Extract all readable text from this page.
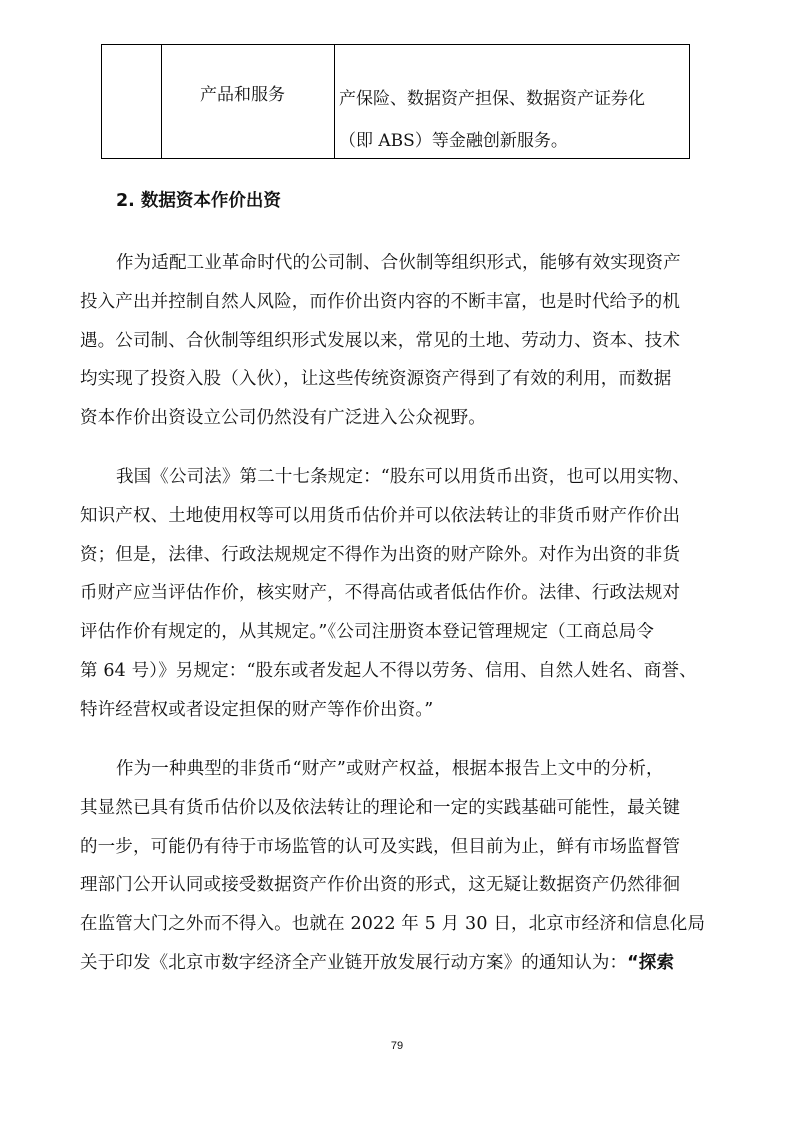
产品和服务	产保险、数据资产担保、数据资产证券化
（即 ABS）等金融创新服务。
2. 数据资本作价出资
作为适配工业革命时代的公司制、合伙制等组织形式，能够有效实现资产
投入产出并控制自然人风险，而作价出资内容的不断丰富，也是时代给予的机
遇。公司制、合伙制等组织形式发展以来，常见的土地、劳动力、资本、技术
均实现了投资入股（入伙），让这些传统资源资产得到了有效的利用，而数据
资本作价出资设立公司仍然没有广泛进入公众视野。
我国《公司法》第二十七条规定：“股东可以用货币出资，也可以用实物、
知识产权、土地使用权等可以用货币估价并可以依法转让的非货币财产作价出
资；但是，法律、行政法规规定不得作为出资的财产除外。对作为出资的非货
币财产应当评估作价，核实财产，不得高估或者低估作价。法律、行政法规对
评估作价有规定的，从其规定。”《公司注册资本登记管理规定（工商总局令
第 64 号）》另规定：“股东或者发起人不得以劳务、信用、自然人姓名、商誉、
特许经营权或者设定担保的财产等作价出资。”
作为一种典型的非货币“财产”或财产权益，根据本报告上文中的分析，
其显然已具有货币估价以及依法转让的理论和一定的实践基础可能性，最关键
的一步，可能仍有待于市场监管的认可及实践，但目前为止，鲜有市场监督管
理部门公开认同或接受数据资产作价出资的形式，这无疑让数据资产仍然徘徊
在监管大门之外而不得入。也就在 2022 年 5 月 30 日，北京市经济和信息化局
关于印发《北京市数字经济全产业链开放发展行动方案》的通知认为：“探索
79
